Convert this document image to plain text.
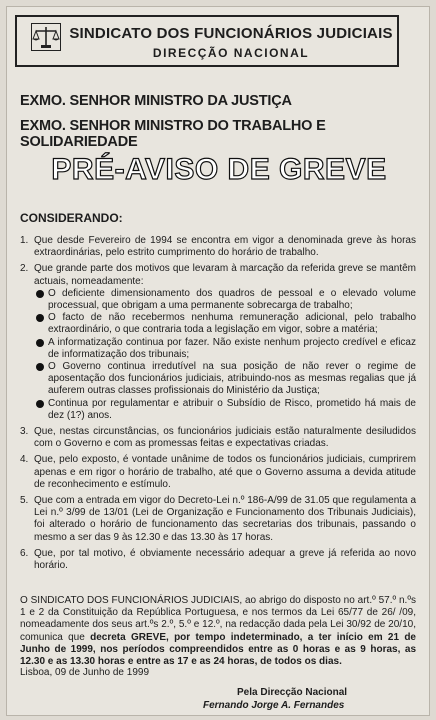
SINDICATO DOS FUNCIONÁRIOS JUDICIAIS
DIRECÇÃO NACIONAL
EXMO. SENHOR MINISTRO DA JUSTIÇA
EXMO. SENHOR MINISTRO DO TRABALHO E SOLIDARIEDADE
PRÉ-AVISO DE GREVE
CONSIDERANDO:
1. Que desde Fevereiro de 1994 se encontra em vigor a denominada greve às horas extraordinárias, pelo estrito cumprimento do horário de trabalho.
2. Que grande parte dos motivos que levaram à marcação da referida greve se mantêm actuais, nomeadamente:
O deficiente dimensionamento dos quadros de pessoal e o elevado volume processual, que obrigam a uma permanente sobrecarga de trabalho;
O facto de não recebermos nenhuma remuneração adicional, pelo trabalho extraordinário, o que contraria toda a legislação em vigor, sobre a matéria;
A informatização continua por fazer. Não existe nenhum projecto credível e eficaz de informatização dos tribunais;
O Governo continua irredutível na sua posição de não rever o regime de aposentação dos funcionários judiciais, atribuindo-nos as mesmas regalias que já auferem outras classes profissionais do Ministério da Justiça;
Continua por regulamentar e atribuir o Subsídio de Risco, prometido há mais de dez (1?) anos.
3. Que, nestas circunstâncias, os funcionários judiciais estão naturalmente desiludidos com o Governo e com as promessas feitas e expectativas criadas.
4. Que, pelo exposto, é vontade unânime de todos os funcionários judiciais, cumprirem apenas e em rigor o horário de trabalho, até que o Governo assuma a devida atitude de reconhecimento e estímulo.
5. Que com a entrada em vigor do Decreto-Lei n.º 186-A/99 de 31.05 que regulamenta a Lei n.º 3/99 de 13/01 (Lei de Organização e Funcionamento dos Tribunais Judiciais), foi alterado o horário de funcionamento das secretarias dos tribunais, passando o mesmo a ser das 9 às 12.30 e das 13.30 às 17 horas.
6. Que, por tal motivo, é obviamente necessário adequar a greve já referida ao novo horário.
O SINDICATO DOS FUNCIONÁRIOS JUDICIAIS, ao abrigo do disposto no art.º 57.º n.ºs 1 e 2 da Constituição da República Portuguesa, e nos termos da Lei 65/77 de 26/ /09, nomeadamente dos seus art.ºs 2.º, 5.º e 12.º, na redacção dada pela Lei 30/92 de 20/10, comunica que decreta GREVE, por tempo indeterminado, a ter início em 21 de Junho de 1999, nos períodos compreendidos entre as 0 horas e as 9 horas, as 12.30 e as 13.30 horas e entre as 17 e as 24 horas, de todos os dias.
Lisboa, 09 de Junho de 1999
Pela Direcção Nacional
Fernando Jorge A. Fernandes
